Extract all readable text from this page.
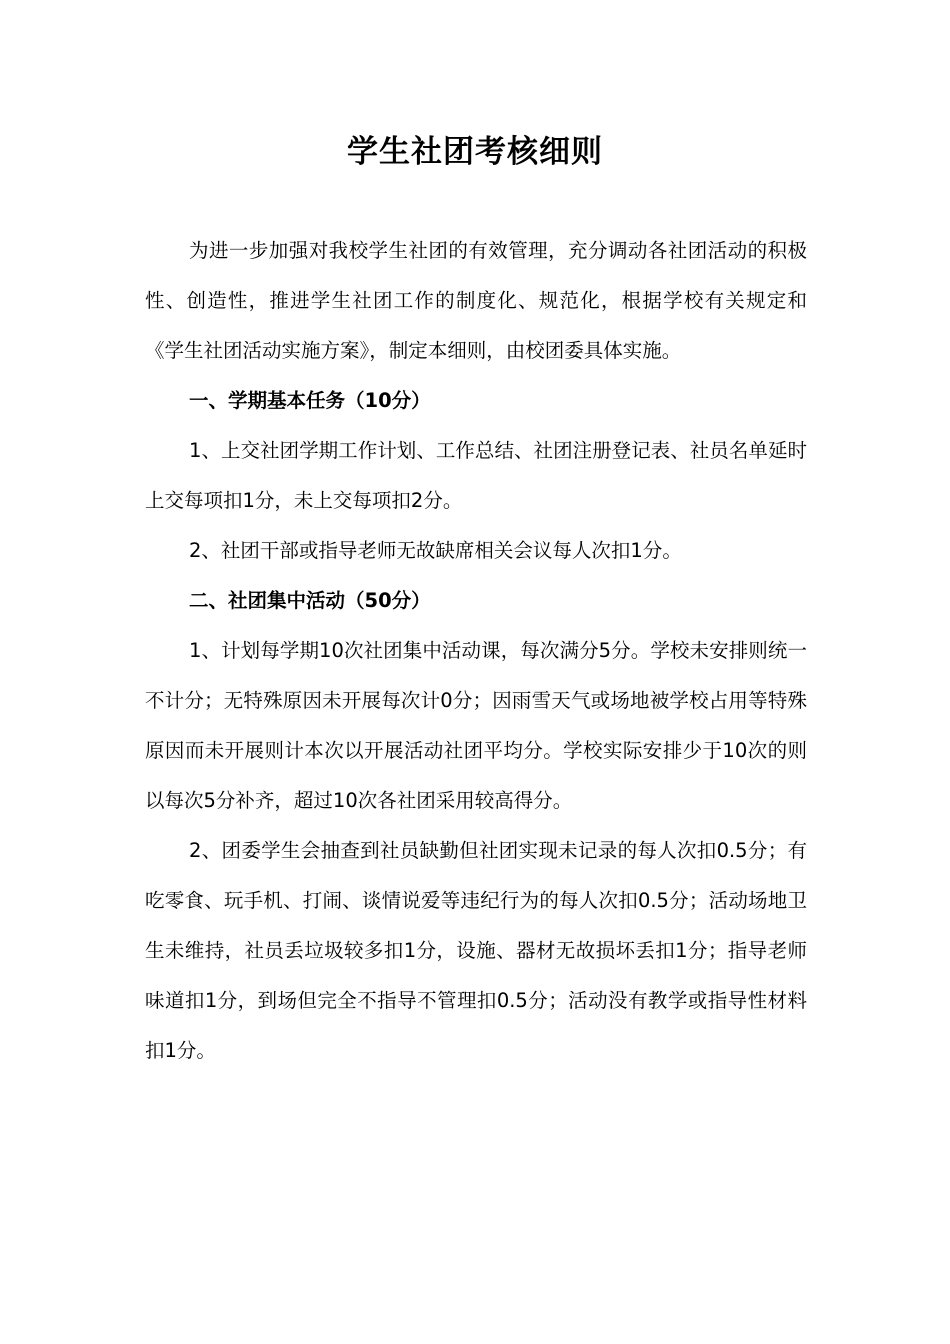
学生社团考核细则

为进一步加强对我校学生社团的有效管理，充分调动各社团活动的积极性、创造性，推进学生社团工作的制度化、规范化，根据学校有关规定和《学生社团活动实施方案》，制定本细则，由校团委具体实施。

一、学期基本任务（10分）

1、上交社团学期工作计划、工作总结、社团注册登记表、社员名单延时上交每项扣1分，未上交每项扣2分。

2、社团干部或指导老师无故缺席相关会议每人次扣1分。

二、社团集中活动（50分）

1、计划每学期10次社团集中活动课，每次满分5分。学校未安排则统一不计分；无特殊原因未开展每次计0分；因雨雪天气或场地被学校占用等特殊原因而未开展则计本次以开展活动社团平均分。学校实际安排少于10次的则以每次5分补齐，超过10次各社团采用较高得分。

2、团委学生会抽查到社员缺勤但社团实现未记录的每人次扣0.5分；有吃零食、玩手机、打闹、谈情说爱等违纪行为的每人次扣0.5分；活动场地卫生未维持，社员丢垃圾较多扣1分，设施、器材无故损坏丢扣1分；指导老师味道扣1分，到场但完全不指导不管理扣0.5分；活动没有教学或指导性材料扣1分。
